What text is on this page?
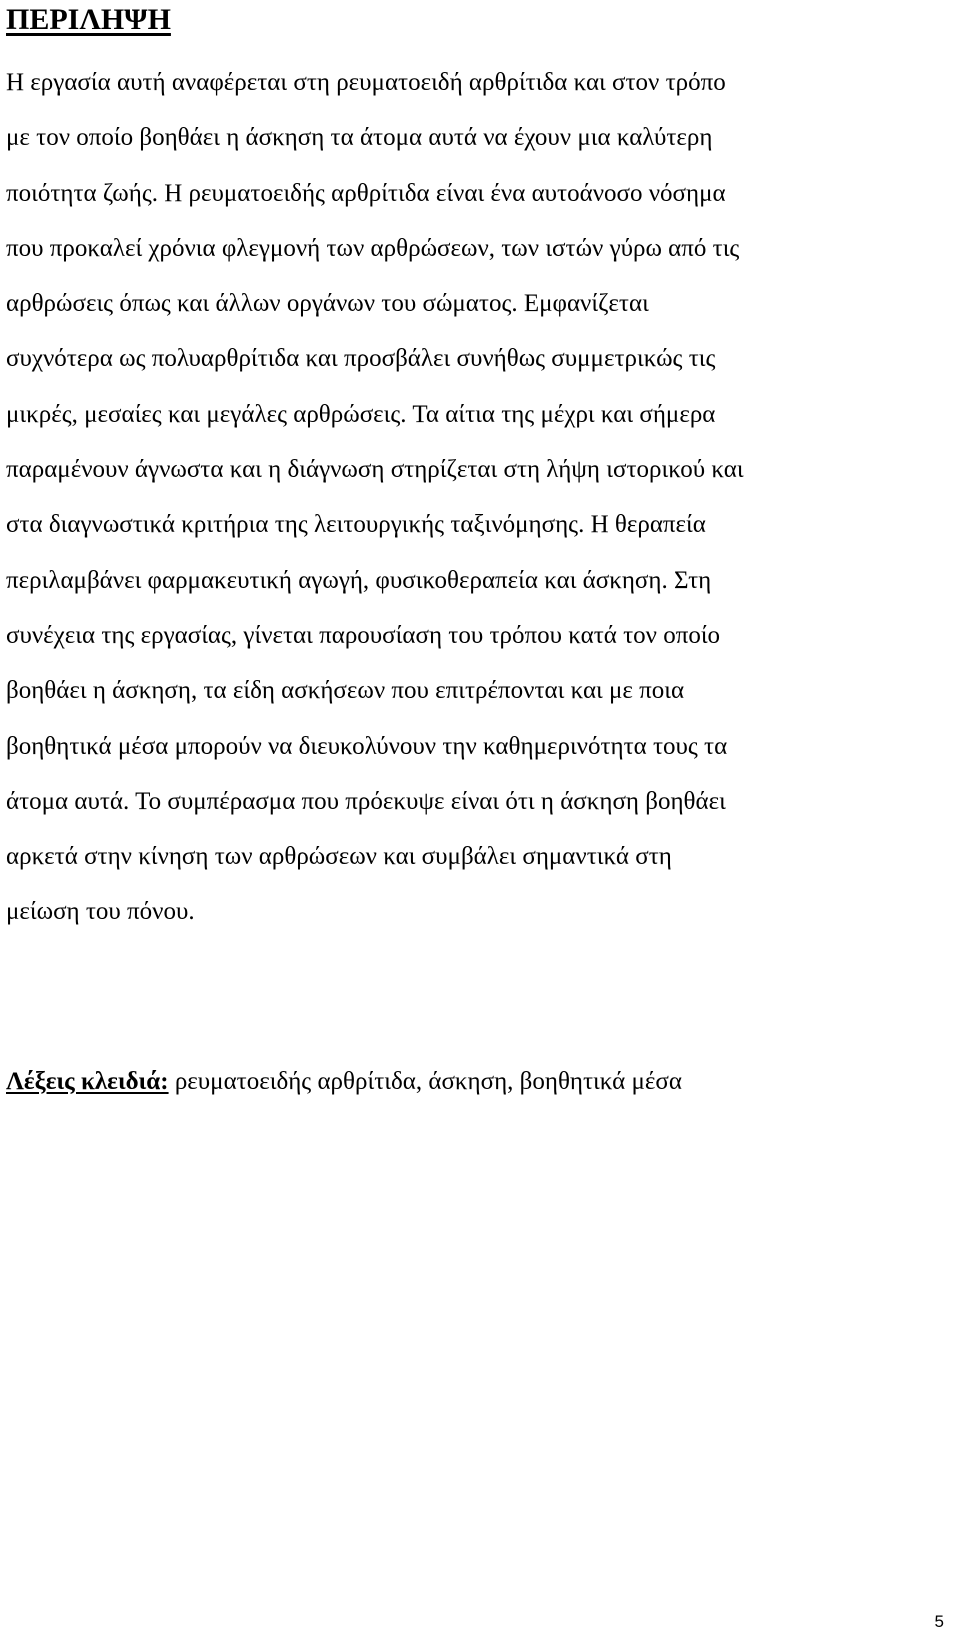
ΠΕΡΙΛΗΨΗ

Η εργασία αυτή αναφέρεται στη ρευματοειδή αρθρίτιδα και στον τρόπο
με τον οποίο βοηθάει η άσκηση τα άτομα αυτά να έχουν μια καλύτερη
ποιότητα ζωής. Η ρευματοειδής αρθρίτιδα είναι ένα αυτοάνοσο νόσημα
που προκαλεί χρόνια φλεγμονή των αρθρώσεων, των ιστών γύρω από τις
αρθρώσεις όπως και άλλων οργάνων του σώματος. Εμφανίζεται
συχνότερα ως πολυαρθρίτιδα και προσβάλει συνήθως συμμετρικώς τις
μικρές, μεσαίες και μεγάλες αρθρώσεις. Τα αίτια της μέχρι και σήμερα
παραμένουν άγνωστα και η διάγνωση στηρίζεται στη λήψη ιστορικού και
στα διαγνωστικά κριτήρια της λειτουργικής ταξινόμησης. Η θεραπεία
περιλαμβάνει φαρμακευτική αγωγή, φυσικοθεραπεία και άσκηση. Στη
συνέχεια της εργασίας, γίνεται παρουσίαση του τρόπου κατά τον οποίο
βοηθάει η άσκηση, τα είδη ασκήσεων που επιτρέπονται και με ποια
βοηθητικά μέσα μπορούν να διευκολύνουν την καθημερινότητα τους τα
άτομα αυτά. Το συμπέρασμα που πρόεκυψε είναι ότι η άσκηση βοηθάει
αρκετά στην κίνηση των αρθρώσεων και συμβάλει σημαντικά στη
μείωση του πόνου.

Λέξεις κλειδιά: ρευματοειδής αρθρίτιδα, άσκηση, βοηθητικά μέσα

5
